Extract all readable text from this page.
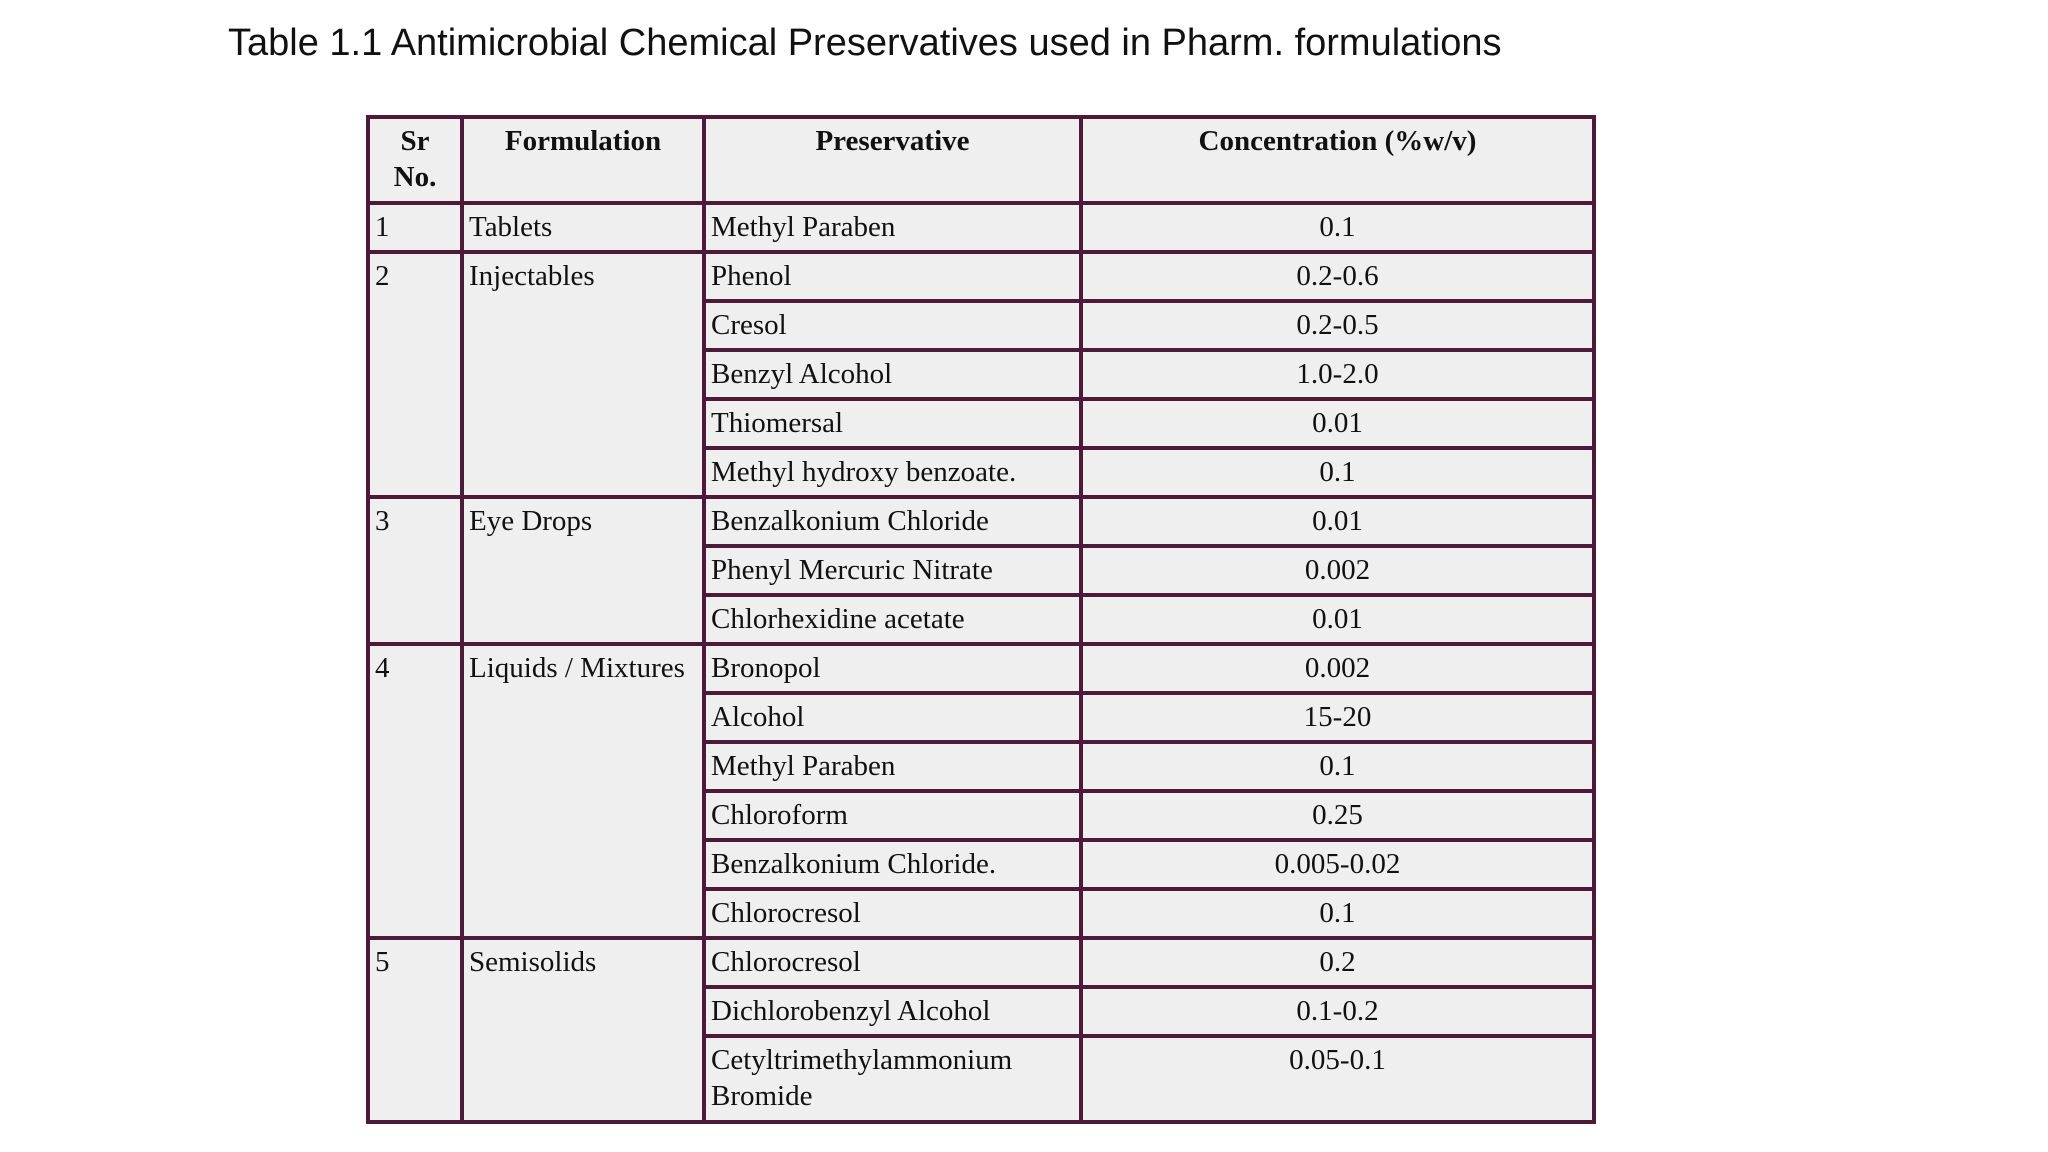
Table 1.1 Antimicrobial Chemical Preservatives used in Pharm. formulations
Sr
No.	Formulation	Preservative	Concentration (%w/v)
1	Tablets	Methyl Paraben	0.1
2	Injectables	Phenol	0.2-0.6
		Cresol	0.2-0.5
		Benzyl Alcohol	1.0-2.0
		Thiomersal	0.01
		Methyl hydroxy benzoate.	0.1
3	Eye Drops	Benzalkonium Chloride	0.01
		Phenyl Mercuric Nitrate	0.002
		Chlorhexidine acetate	0.01
4	Liquids / Mixtures	Bronopol	0.002
		Alcohol	15-20
		Methyl Paraben	0.1
		Chloroform	0.25
		Benzalkonium Chloride.	0.005-0.02
		Chlorocresol	0.1
5	Semisolids	Chlorocresol	0.2
		Dichlorobenzyl Alcohol	0.1-0.2
		Cetyltrimethylammonium Bromide	0.05-0.1
